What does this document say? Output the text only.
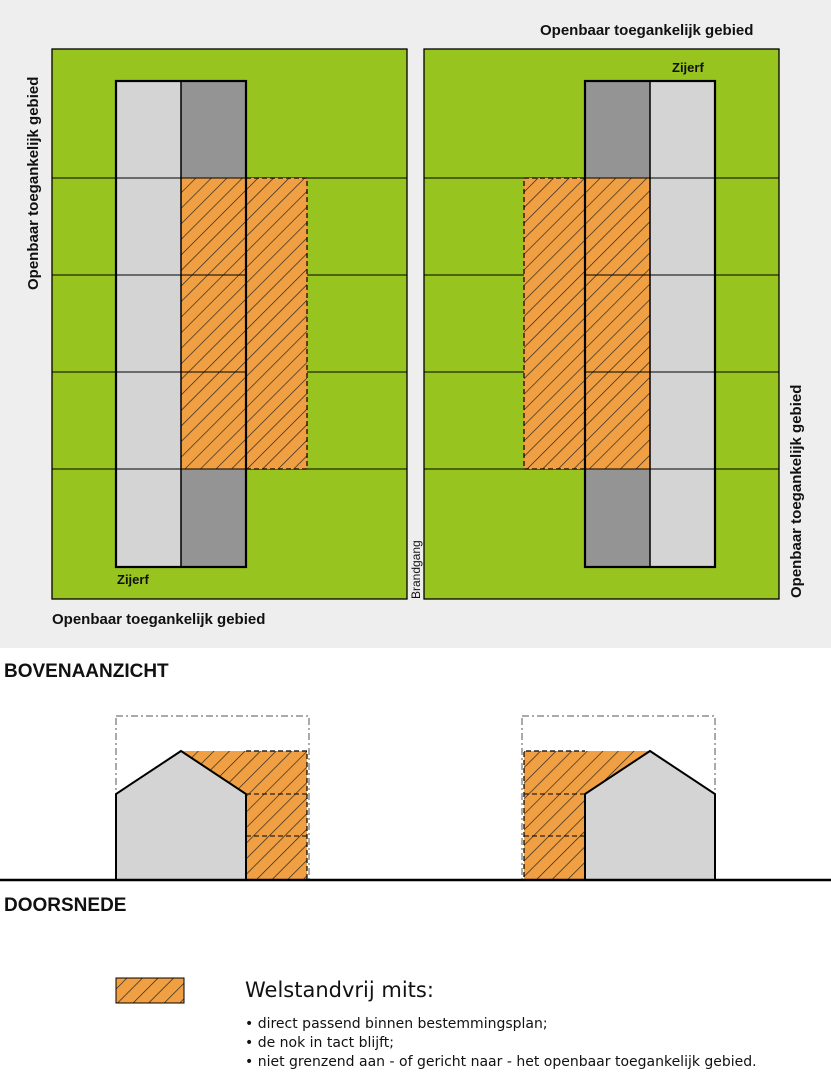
Openbaar toegankelijk gebied
Openbaar toegankelijk gebied
Openbaar toegankelijk gebied
Openbaar toegankelijk gebied
Zijerf
Zijerf
Brandgang
BOVENAANZICHT
DOORSNEDE
Welstandvrij mits:
• direct passend binnen bestemmingsplan;
• de nok in tact blijft;
• niet grenzend aan - of gericht naar - het openbaar toegankelijk gebied.
